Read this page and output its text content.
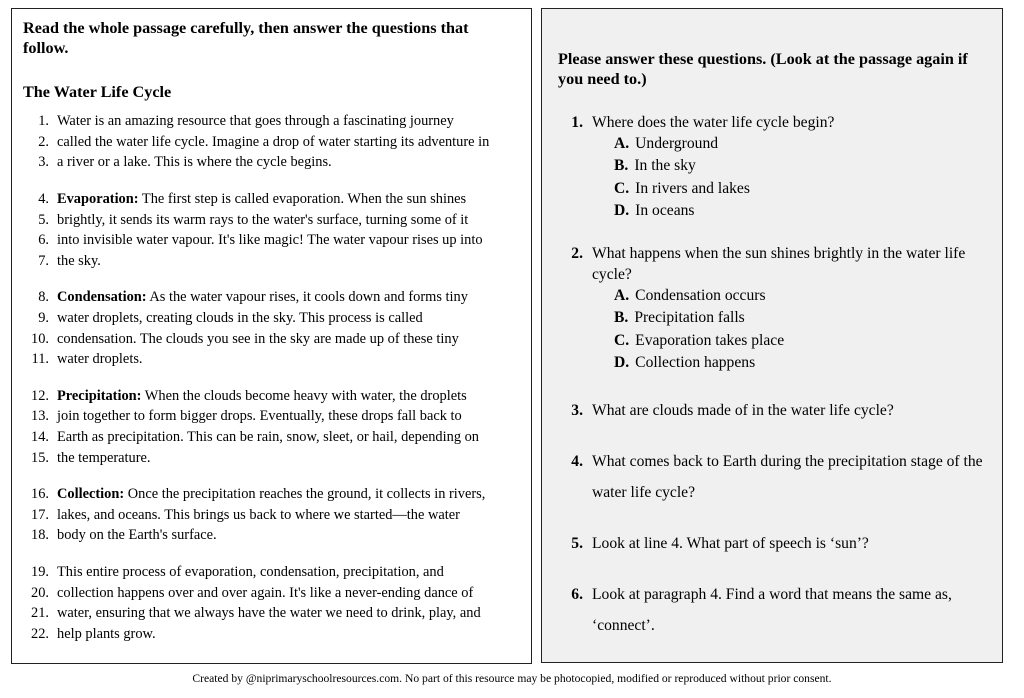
Read the whole passage carefully, then answer the questions that follow.
The Water Life Cycle
1. Water is an amazing resource that goes through a fascinating journey
2. called the water life cycle. Imagine a drop of water starting its adventure in
3. a river or a lake. This is where the cycle begins.
4. Evaporation: The first step is called evaporation. When the sun shines
5. brightly, it sends its warm rays to the water's surface, turning some of it
6. into invisible water vapour. It's like magic! The water vapour rises up into
7. the sky.
8. Condensation: As the water vapour rises, it cools down and forms tiny
9. water droplets, creating clouds in the sky. This process is called
10. condensation. The clouds you see in the sky are made up of these tiny
11. water droplets.
12. Precipitation: When the clouds become heavy with water, the droplets
13. join together to form bigger drops. Eventually, these drops fall back to
14. Earth as precipitation. This can be rain, snow, sleet, or hail, depending on
15. the temperature.
16. Collection: Once the precipitation reaches the ground, it collects in rivers,
17. lakes, and oceans. This brings us back to where we started—the water
18. body on the Earth's surface.
19. This entire process of evaporation, condensation, precipitation, and
20. collection happens over and over again. It's like a never-ending dance of
21. water, ensuring that we always have the water we need to drink, play, and
22. help plants grow.
Please answer these questions. (Look at the passage again if you need to.)
1. Where does the water life cycle begin?
A. Underground
B. In the sky
C. In rivers and lakes
D. In oceans
2. What happens when the sun shines brightly in the water life cycle?
A. Condensation occurs
B. Precipitation falls
C. Evaporation takes place
D. Collection happens
3. What are clouds made of in the water life cycle?
4. What comes back to Earth during the precipitation stage of the water life cycle?
5. Look at line 4. What part of speech is ‘sun’?
6. Look at paragraph 4. Find a word that means the same as, ‘connect’.
Created by @niprimaryschoolresources.com. No part of this resource may be photocopied, modified or reproduced without prior consent.
